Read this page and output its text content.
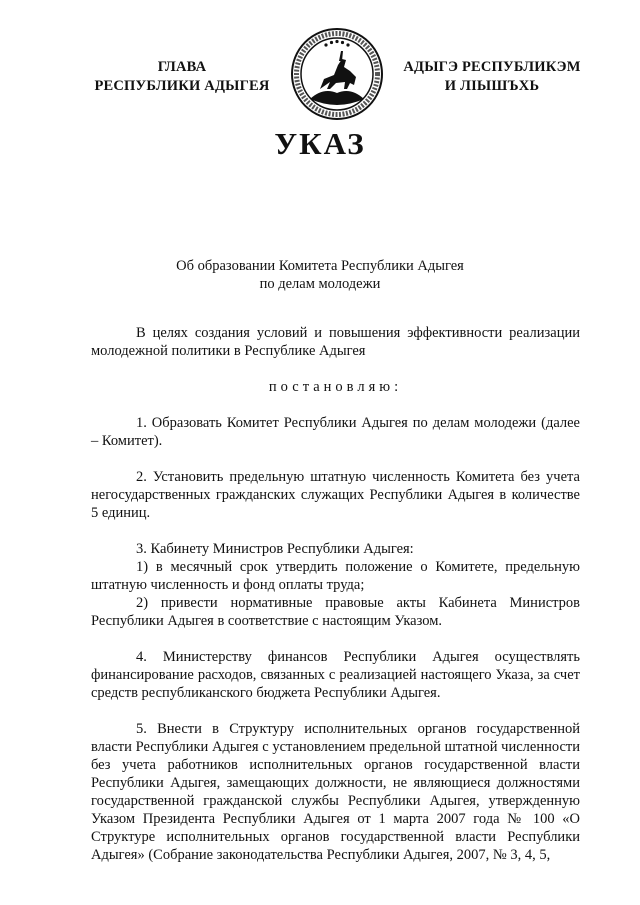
ГЛАВА
РЕСПУБЛИКИ АДЫГЕЯ
АДЫГЭ РЕСПУБЛИКЭМ
И ЛІЫШЪХЬ
УКАЗ
Об образовании Комитета Республики Адыгея
по делам молодежи

В целях создания условий и повышения эффективности реализации молодежной политики в Республике Адыгея

постановляю:

1. Образовать Комитет Республики Адыгея по делам молодежи (далее – Комитет).

2. Установить предельную штатную численность Комитета без учета негосударственных гражданских служащих Республики Адыгея в количестве 5 единиц.

3. Кабинету Министров Республики Адыгея:

1) в месячный срок утвердить положение о Комитете, предельную штатную численность и фонд оплаты труда;

2) привести нормативные правовые акты Кабинета Министров Республики Адыгея в соответствие с настоящим Указом.

4. Министерству финансов Республики Адыгея осуществлять финансирование расходов, связанных с реализацией настоящего Указа, за счет средств республиканского бюджета Республики Адыгея.

5. Внести в Структуру исполнительных органов государственной власти Республики Адыгея с установлением предельной штатной численности без учета работников исполнительных органов государственной власти Республики Адыгея, замещающих должности, не являющиеся должностями государственной гражданской службы Республики Адыгея, утвержденную Указом Президента Республики Адыгея от 1 марта 2007 года № 100 «О Структуре исполнительных органов государственной власти Республики Адыгея» (Собрание законодательства Республики Адыгея, 2007, № 3, 4, 5,
